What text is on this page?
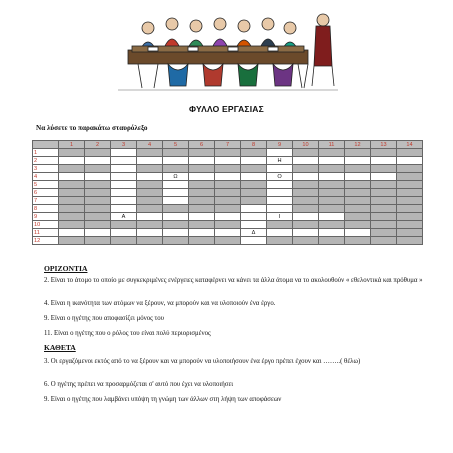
ΦΥΛΛΟ ΕΡΓΑΣΙΑΣ
Να λύσετε το παρακάτω σταυρόλεξο
	1	2	3	4	5	6	7	8	9	10	11	12	13	14
1														
2									Η					
3														
4					Ω				Ο					
5														
6														
7														
8														
9			Α						Ι					
10														
11								Δ						
12														
ΟΡΙΖΟΝΤΙΑ
2. Είναι το άτομο το οποίο με συγκεκριμένες ενέργειες καταφέρνει να κάνει τα άλλα άτομα να το ακολουθούν « εθελοντικά και πρόθυμα »
4. Είναι η ικανότητα των ατόμων να ξέρουν, να μπορούν και να υλοποιούν ένα έργο.
9. Είναι ο ηγέτης που αποφασίζει μόνος του
11. Είναι ο ηγέτης που ο ρόλος του είναι πολύ περιορισμένος
ΚΑΘΕΤΑ
3. Οι εργαζόμενοι εκτός από το να ξέρουν και να μπορούν να υλοποιήσουν ένα έργο πρέπει έχουν και ……..( θέλω)
6. Ο ηγέτης πρέπει να προσαρμόζεται σ' αυτό που έχει να υλοποιήσει
9. Είναι ο ηγέτης που λαμβάνει υπόψη τη γνώμη των άλλων στη λήψη των αποφάσεων
